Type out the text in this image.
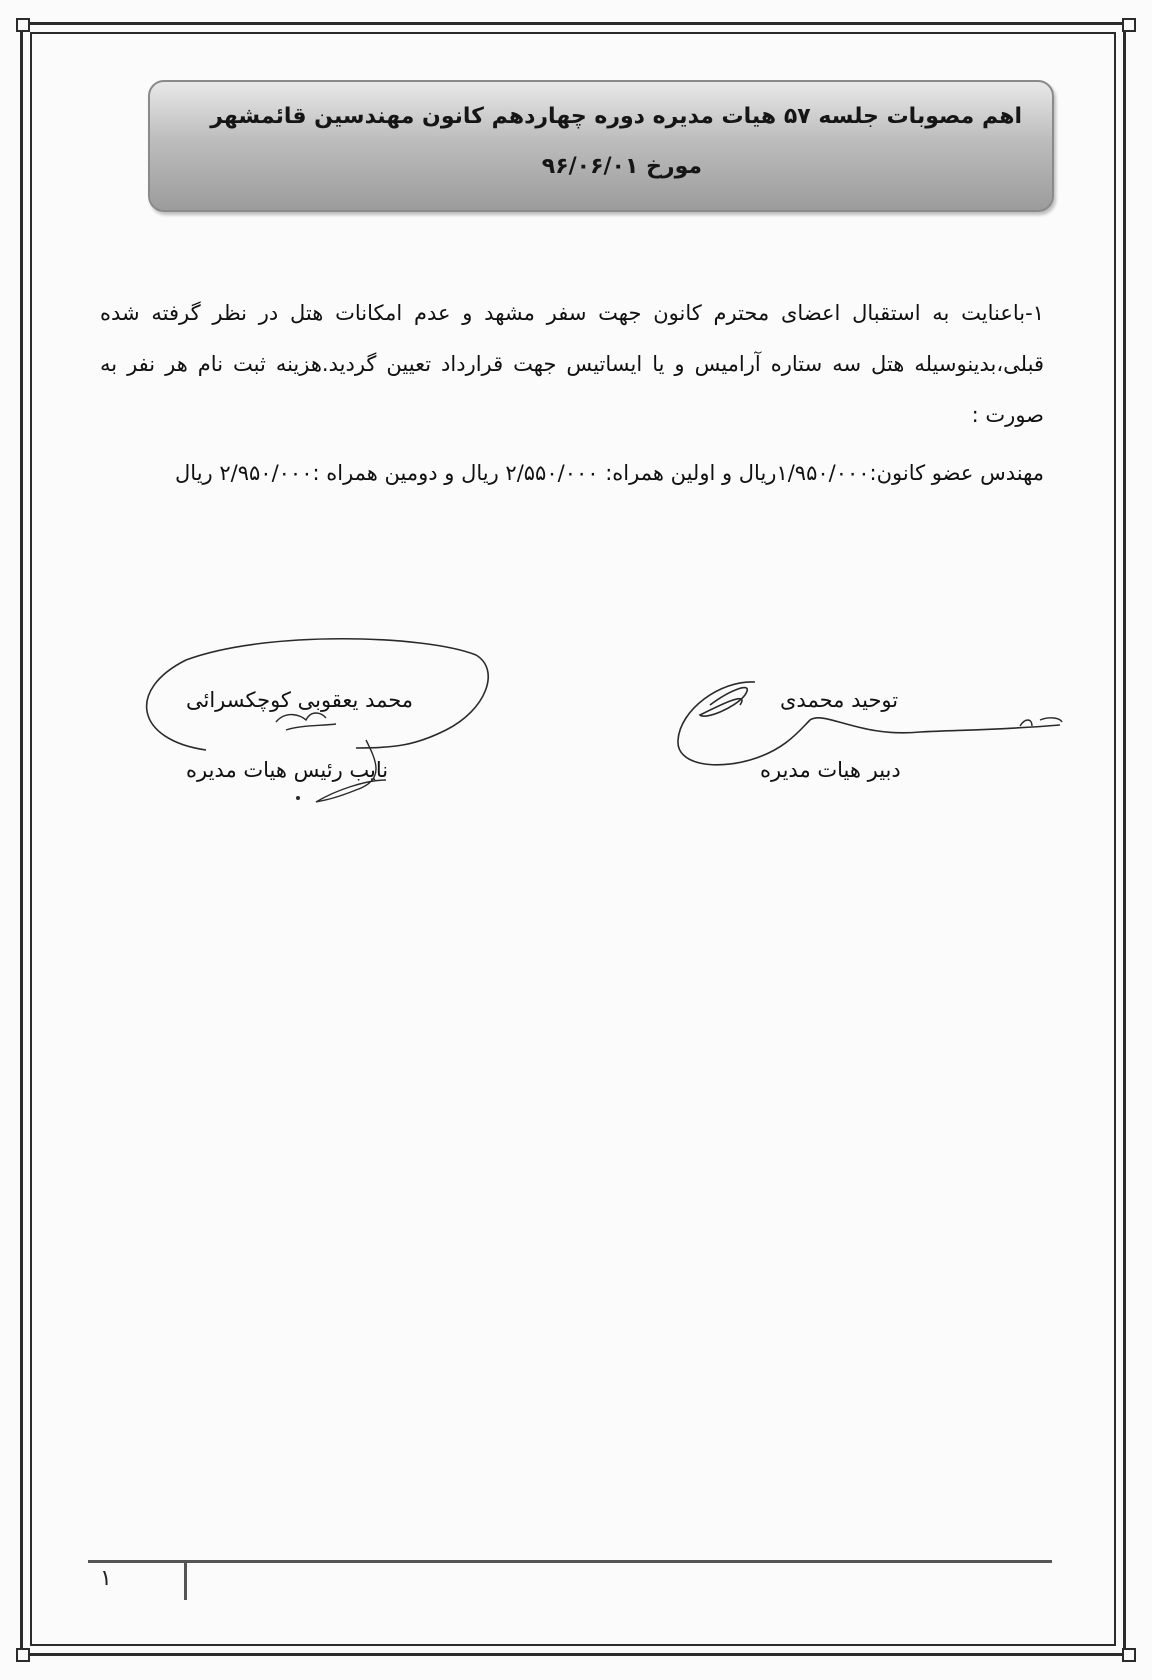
اهم مصوبات جلسه ۵۷ هیات مدیره دوره چهاردهم کانون مهندسین قائمشهر
مورخ ۹۶/۰۶/۰۱
۱-باعنایت به استقبال اعضای محترم کانون جهت سفر مشهد و عدم امکانات هتل در نظر گرفته شده قبلی،بدینوسیله هتل سه ستاره آرامیس و یا ایساتیس جهت قرارداد تعیین گردید.هزینه ثبت نام هر نفر به صورت :
مهندس عضو کانون:۱/۹۵۰/۰۰۰ریال و اولین همراه: ۲/۵۵۰/۰۰۰ ریال و دومین همراه :۲/۹۵۰/۰۰۰ ریال
توحید محمدی
دبیر هیات مدیره
محمد یعقوبی کوچکسرائی
نایب رئیس هیات مدیره
۱
